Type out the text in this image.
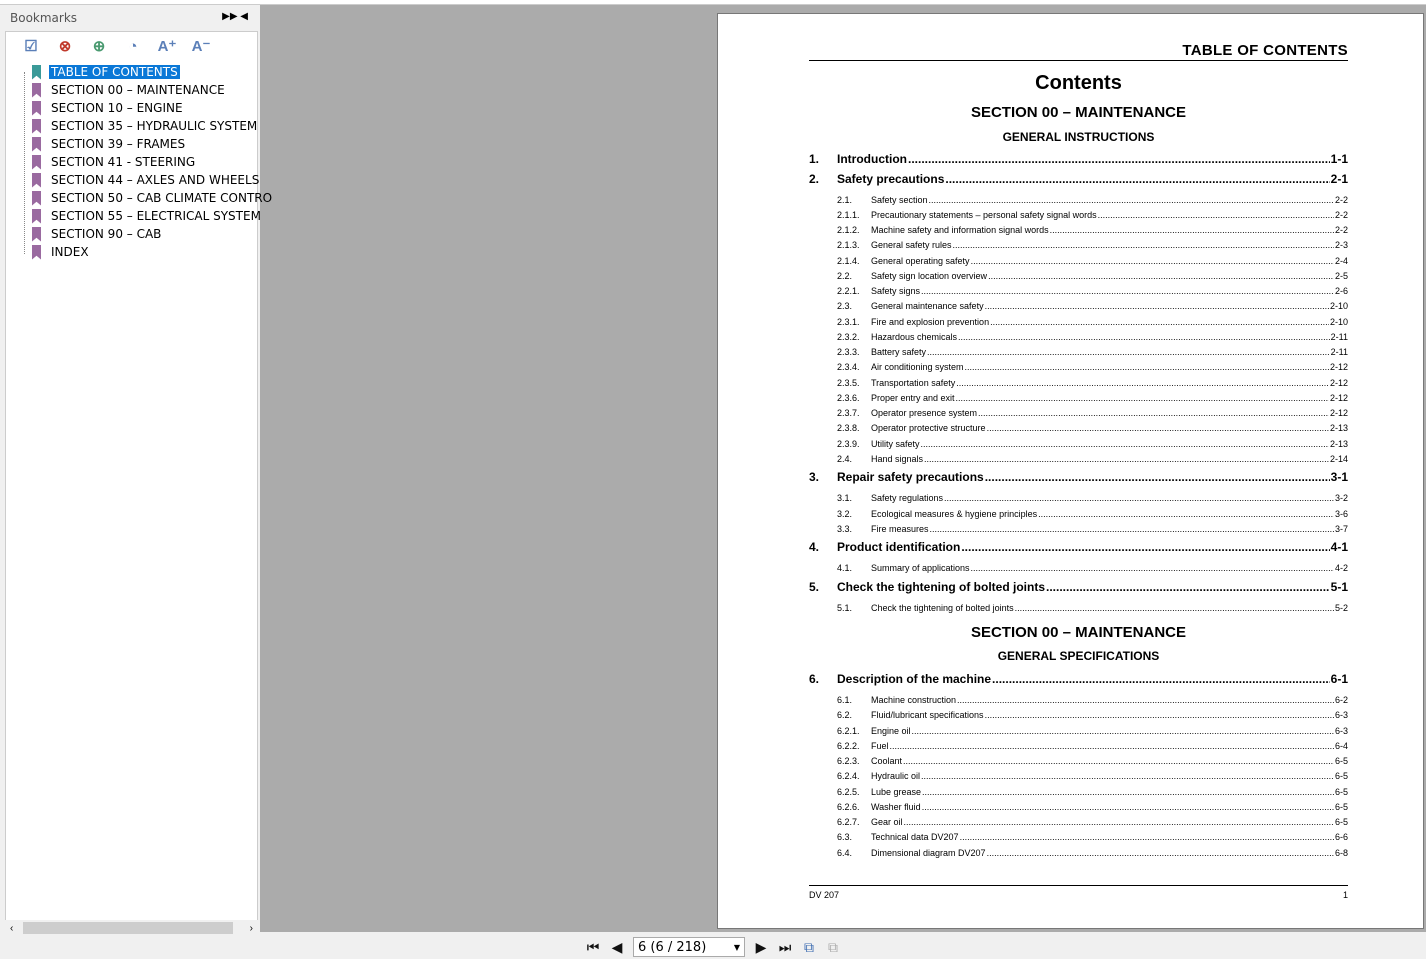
Bookmarks	▶▶ ◀
☑	⊗	⊕	◔	A⁺	A⁻
TABLE OF CONTENTS
SECTION 00 – MAINTENANCE
SECTION 10 – ENGINE
SECTION 35 – HYDRAULIC SYSTEM
SECTION 39 – FRAMES
SECTION 41 - STEERING
SECTION 44 – AXLES AND WHEELS
SECTION 50 – CAB CLIMATE CONTRO
SECTION 55 – ELECTRICAL SYSTEM
SECTION 90 – CAB
INDEX
‹	›
TABLE OF CONTENTS
Contents
SECTION 00 – MAINTENANCE
GENERAL INSTRUCTIONS
1.	Introduction .....	1-1
2.	Safety precautions .....	2-1
2.1.	Safety section .....	2-2
2.1.1.	Precautionary statements – personal safety signal words .....	2-2
2.1.2.	Machine safety and information signal words .....	2-2
2.1.3.	General safety rules .....	2-3
2.1.4.	General operating safety .....	2-4
2.2.	Safety sign location overview .....	2-5
2.2.1.	Safety signs .....	2-6
2.3.	General maintenance safety .....	2-10
2.3.1.	Fire and explosion prevention .....	2-10
2.3.2.	Hazardous chemicals .....	2-11
2.3.3.	Battery safety .....	2-11
2.3.4.	Air conditioning system .....	2-12
2.3.5.	Transportation safety .....	2-12
2.3.6.	Proper entry and exit .....	2-12
2.3.7.	Operator presence system .....	2-12
2.3.8.	Operator protective structure .....	2-13
2.3.9.	Utility safety .....	2-13
2.4.	Hand signals .....	2-14
3.	Repair safety precautions .....	3-1
3.1.	Safety regulations .....	3-2
3.2.	Ecological measures & hygiene principles .....	3-6
3.3.	Fire measures .....	3-7
4.	Product identification .....	4-1
4.1.	Summary of applications .....	4-2
5.	Check the tightening of bolted joints .....	5-1
5.1.	Check the tightening of bolted joints .....	5-2
SECTION 00 – MAINTENANCE
GENERAL SPECIFICATIONS
6.	Description of the machine .....	6-1
6.1.	Machine construction .....	6-2
6.2.	Fluid/lubricant specifications .....	6-3
6.2.1.	Engine oil .....	6-3
6.2.2.	Fuel .....	6-4
6.2.3.	Coolant .....	6-5
6.2.4.	Hydraulic oil .....	6-5
6.2.5.	Lube grease .....	6-5
6.2.6.	Washer fluid .....	6-5
6.2.7.	Gear oil .....	6-5
6.3.	Technical data DV207 .....	6-6
6.4.	Dimensional diagram DV207 .....	6-8
DV 207	1
⏮ ◀	6 (6 / 218)	▼	▶ ⏭ ⧉	⧉
